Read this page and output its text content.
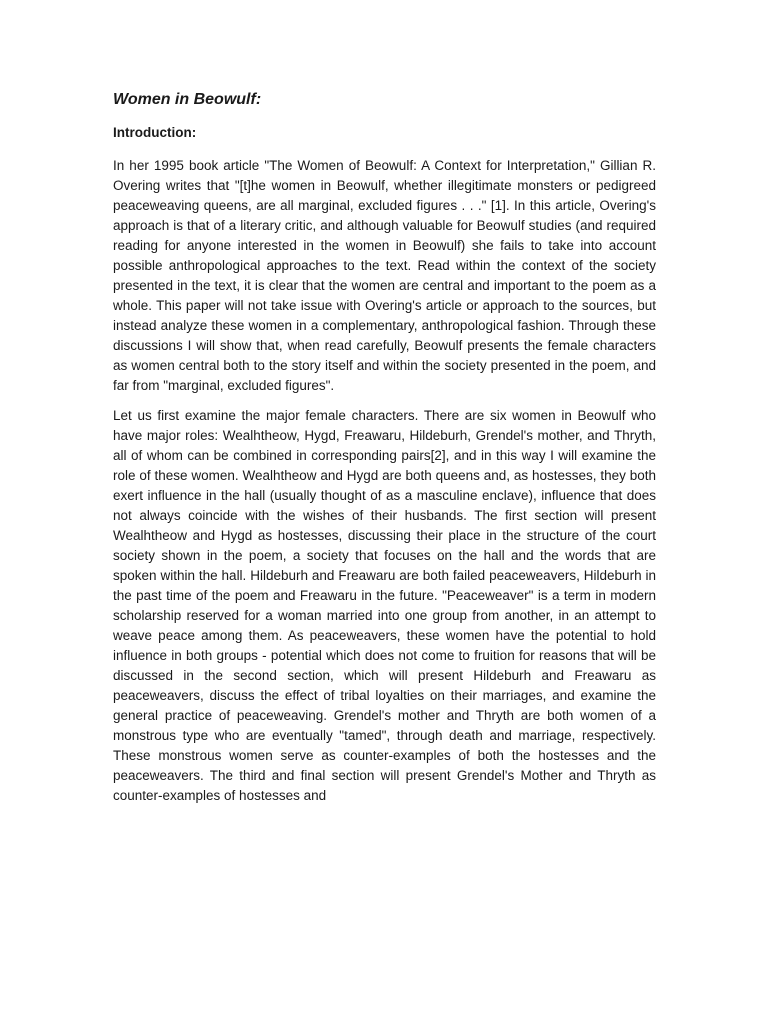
Women in Beowulf:
Introduction:

In her 1995 book article "The Women of Beowulf: A Context for Interpretation," Gillian R. Overing writes that "[t]he women in Beowulf, whether illegitimate monsters or pedigreed peaceweaving queens, are all marginal, excluded figures . . ." [1]. In this article, Overing's approach is that of a literary critic, and although valuable for Beowulf studies (and required reading for anyone interested in the women in Beowulf) she fails to take into account possible anthropological approaches to the text. Read within the context of the society presented in the text, it is clear that the women are central and important to the poem as a whole. This paper will not take issue with Overing's article or approach to the sources, but instead analyze these women in a complementary, anthropological fashion. Through these discussions I will show that, when read carefully, Beowulf presents the female characters as women central both to the story itself and within the society presented in the poem, and far from "marginal, excluded figures".

Let us first examine the major female characters. There are six women in Beowulf who have major roles: Wealhtheow, Hygd, Freawaru, Hildeburh, Grendel's mother, and Thryth, all of whom can be combined in corresponding pairs[2], and in this way I will examine the role of these women. Wealhtheow and Hygd are both queens and, as hostesses, they both exert influence in the hall (usually thought of as a masculine enclave), influence that does not always coincide with the wishes of their husbands. The first section will present Wealhtheow and Hygd as hostesses, discussing their place in the structure of the court society shown in the poem, a society that focuses on the hall and the words that are spoken within the hall. Hildeburh and Freawaru are both failed peaceweavers, Hildeburh in the past time of the poem and Freawaru in the future. "Peaceweaver" is a term in modern scholarship reserved for a woman married into one group from another, in an attempt to weave peace among them. As peaceweavers, these women have the potential to hold influence in both groups - potential which does not come to fruition for reasons that will be discussed in the second section, which will present Hildeburh and Freawaru as peaceweavers, discuss the effect of tribal loyalties on their marriages, and examine the general practice of peaceweaving. Grendel's mother and Thryth are both women of a monstrous type who are eventually "tamed", through death and marriage, respectively. These monstrous women serve as counter-examples of both the hostesses and the peaceweavers. The third and final section will present Grendel's Mother and Thryth as counter-examples of hostesses and
